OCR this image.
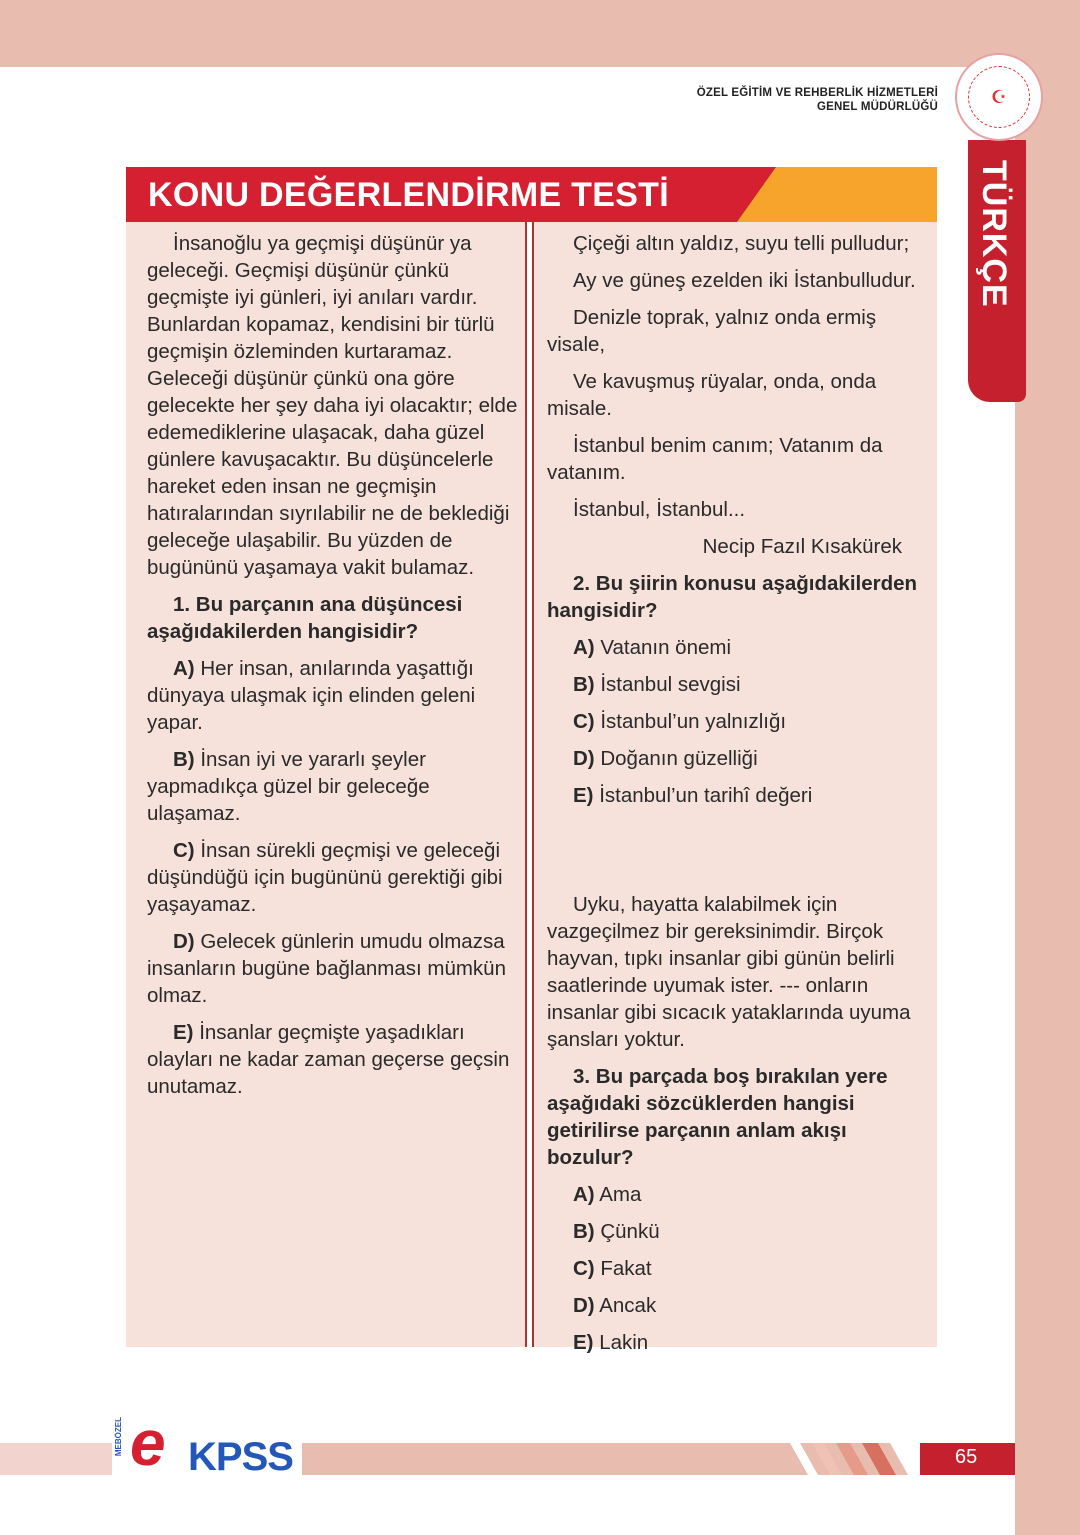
ÖZEL EĞİTİM VE REHBERLİK HİZMETLERİ
GENEL MÜDÜRLÜĞÜ
TÜRKÇE
☪
KONU DEĞERLENDİRME TESTİ

İnsanoğlu ya geçmişi düşünür ya geleceği. Geçmişi düşünür çünkü geçmişte iyi günleri, iyi anıları vardır. Bunlardan kopamaz, kendisini bir türlü geçmişin özleminden kurtaramaz. Geleceği düşünür çünkü ona göre gelecekte her şey daha iyi olacaktır; elde edemediklerine ulaşacak, daha güzel günlere kavuşacaktır. Bu düşüncelerle hareket eden insan ne geçmişin hatıralarından sıyrılabilir ne de beklediği geleceğe ulaşabilir. Bu yüzden de bugününü yaşamaya vakit bulamaz.

1. Bu parçanın ana düşüncesi aşağıdakilerden hangisidir?

A) Her insan, anılarında yaşattığı dünyaya ulaşmak için elinden geleni yapar.

B) İnsan iyi ve yararlı şeyler yapmadıkça güzel bir geleceğe ulaşamaz.

C) İnsan sürekli geçmişi ve geleceği düşündüğü için bugününü gerektiği gibi yaşayamaz.

D) Gelecek günlerin umudu olmazsa insanların bugüne bağlanması mümkün olmaz.

E) İnsanlar geçmişte yaşadıkları olayları ne kadar zaman geçerse geçsin unutamaz.

Çiçeği altın yaldız, suyu telli pulludur;

Ay ve güneş ezelden iki İstanbulludur.

Denizle toprak, yalnız onda ermiş visale,

Ve kavuşmuş rüyalar, onda, onda misale.

İstanbul benim canım; Vatanım da vatanım.

İstanbul, İstanbul...

Necip Fazıl Kısakürek

2. Bu şiirin konusu aşağıdakilerden hangisidir?

A) Vatanın önemi

B) İstanbul sevgisi

C) İstanbul’un yalnızlığı

D) Doğanın güzelliği

E) İstanbul’un tarihî değeri

Uyku, hayatta kalabilmek için vazgeçilmez bir gereksinimdir. Birçok hayvan, tıpkı insanlar gibi günün belirli saatlerinde uyumak ister. --- onların insanlar gibi sıcacık yataklarında uyuma şansları yoktur.

3. Bu parçada boş bırakılan yere aşağıdaki sözcüklerden hangisi getirilirse parçanın anlam akışı bozulur?

A) Ama

B) Çünkü

C) Fakat

D) Ancak

E) Lakin

65
MEBÖZEL e KPSS
